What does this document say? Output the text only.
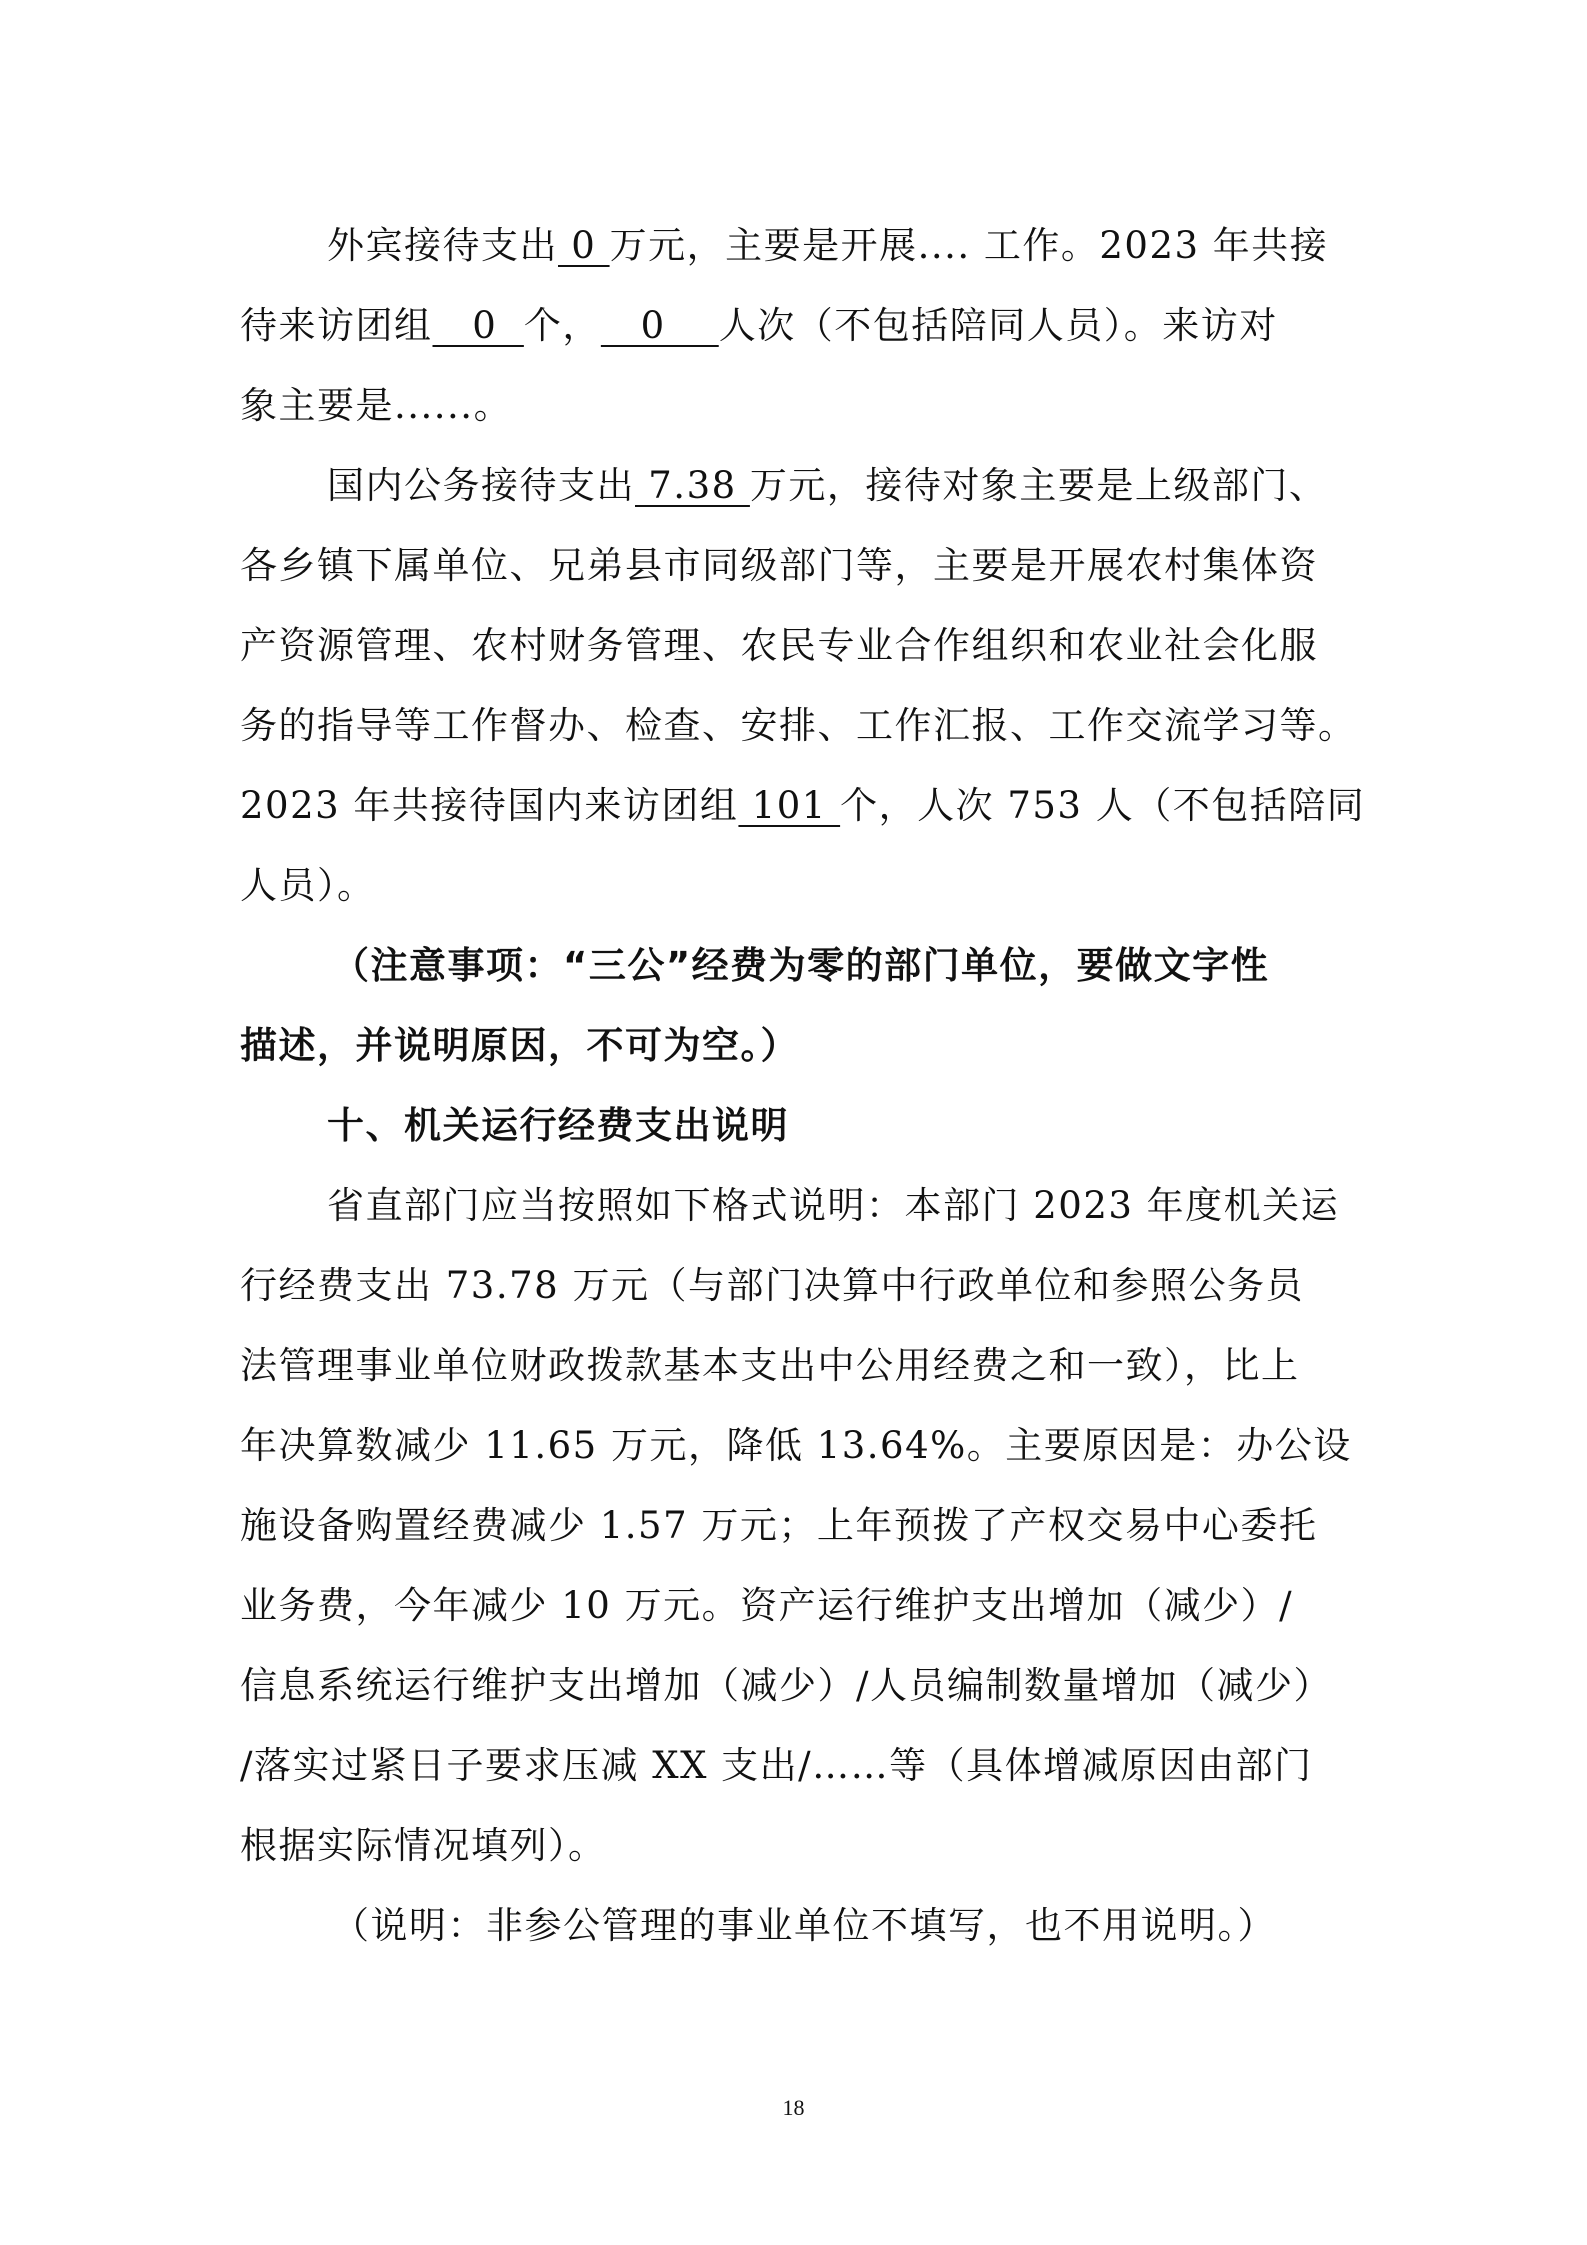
外宾接待支出 0 万元，主要是开展.... 工作。2023 年共接
待来访团组   0  个，   0    人次（不包括陪同人员）。来访对
象主要是......。
国内公务接待支出 7.38 万元，接待对象主要是上级部门、
各乡镇下属单位、兄弟县市同级部门等，主要是开展农村集体资
产资源管理、农村财务管理、农民专业合作组织和农业社会化服
务的指导等工作督办、检查、安排、工作汇报、工作交流学习等。
2023 年共接待国内来访团组 101 个，人次 753 人（不包括陪同
人员）。
（注意事项：“三公”经费为零的部门单位，要做文字性
描述，并说明原因，不可为空。）
十、机关运行经费支出说明
省直部门应当按照如下格式说明：本部门 2023 年度机关运
行经费支出 73.78 万元（与部门决算中行政单位和参照公务员
法管理事业单位财政拨款基本支出中公用经费之和一致），比上
年决算数减少 11.65 万元，降低 13.64%。主要原因是：办公设
施设备购置经费减少 1.57 万元；上年预拨了产权交易中心委托
业务费，今年减少 10 万元。资产运行维护支出增加（减少）/
信息系统运行维护支出增加（减少）/人员编制数量增加（减少）
/落实过紧日子要求压减 XX 支出/……等（具体增减原因由部门
根据实际情况填列）。
（说明：非参公管理的事业单位不填写，也不用说明。）
18
